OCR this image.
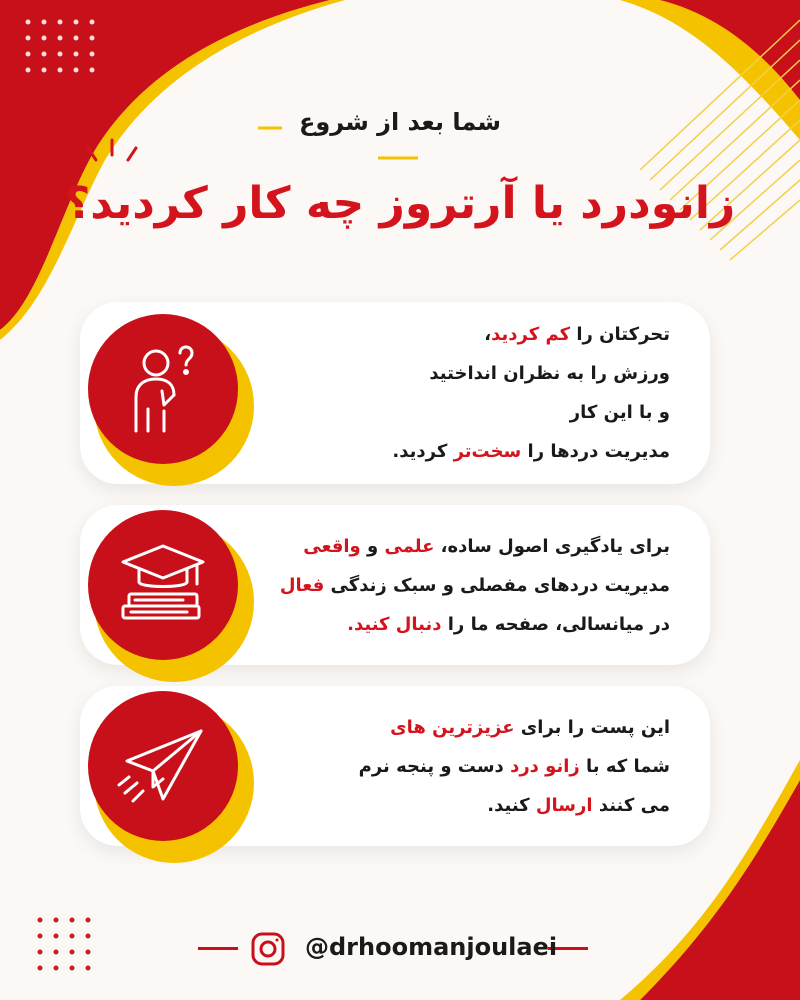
شما بعد از شروع
زانودرد یا آرتروز چه کار کردید؟
تحرکتان را کم کردید،
ورزش را به نظران انداختید
و با این کار
مدیریت دردها را سخت‌تر کردید.
برای یادگیری اصول ساده، علمی و واقعی
مدیریت دردهای مفصلی و سبک زندگی فعال
در میانسالی، صفحه ما را دنبال کنید.
این پست را برای عزیزترین های
شما که با زانو درد دست و پنجه نرم
می کنند ارسال کنید.
@drhoomanjoulaei
